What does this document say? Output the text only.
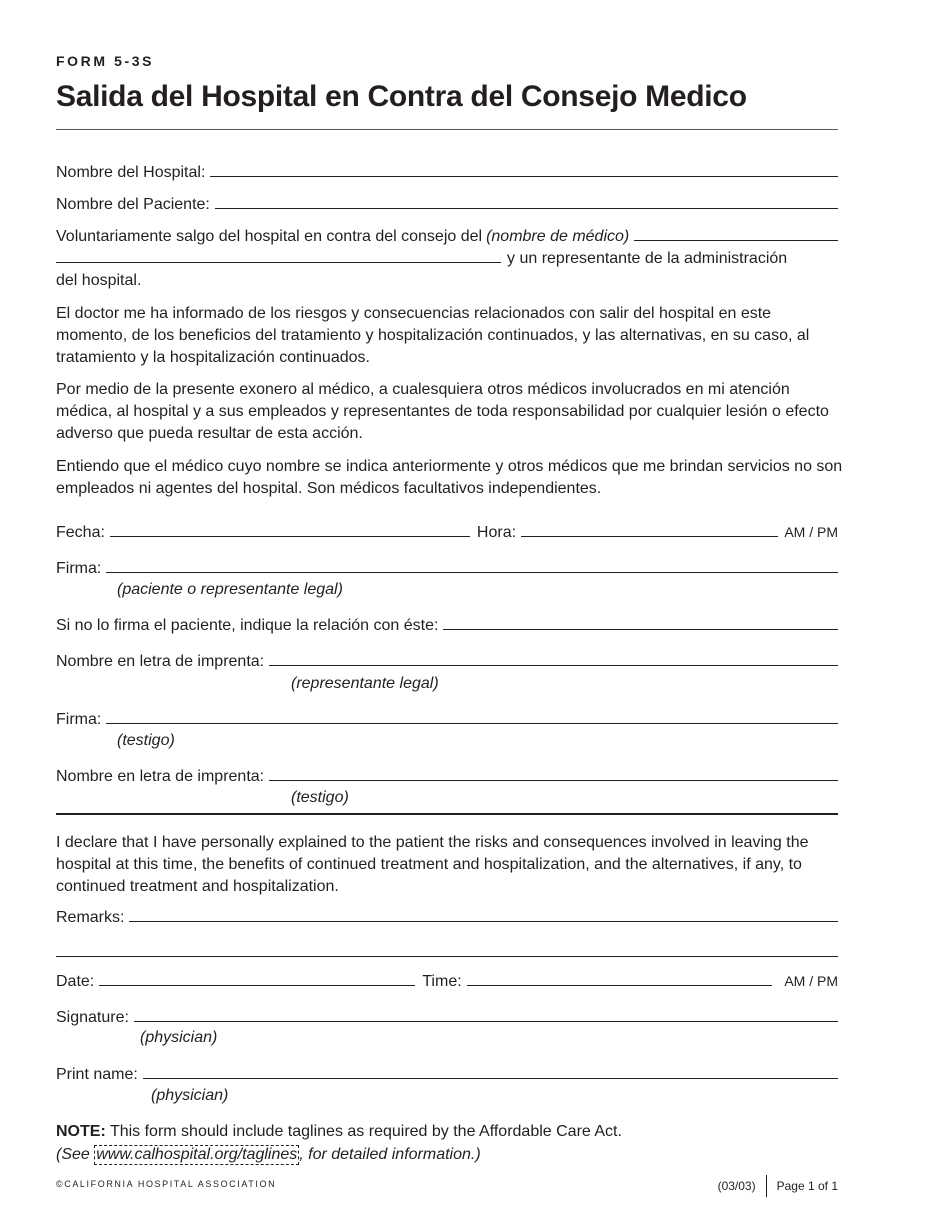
FORM 5-3S
Salida del Hospital en Contra del Consejo Medico
Nombre del Hospital:
Nombre del Paciente:
Voluntariamente salgo del hospital en contra del consejo del (nombre de médico)
y un representante de la administración
del hospital.
El doctor me ha informado de los riesgos y consecuencias relacionados con salir del hospital en este momento, de los beneficios del tratamiento y hospitalización continuados, y las alternativas, en su caso, al tratamiento y la hospitalización continuados.
Por medio de la presente exonero al médico, a cualesquiera otros médicos involucrados en mi atención médica, al hospital y a sus empleados y representantes de toda responsabilidad por cualquier lesión o efecto adverso que pueda resultar de esta acción.
Entiendo que el médico cuyo nombre se indica anteriormente y otros médicos que me brindan servicios no son empleados ni agentes del hospital. Son médicos facultativos independientes.
Fecha:	Hora:	AM / PM
Firma:
(paciente o representante legal)
Si no lo firma el paciente, indique la relación con éste:
Nombre en letra de imprenta:
(representante legal)
Firma:
(testigo)
Nombre en letra de imprenta:
(testigo)
I declare that I have personally explained to the patient the risks and consequences involved in leaving the hospital at this time, the benefits of continued treatment and hospitalization, and the alternatives, if any, to continued treatment and hospitalization.
Remarks:
Date:	Time:	AM / PM
Signature:
(physician)
Print name:
(physician)
NOTE: This form should include taglines as required by the Affordable Care Act.
(See www.calhospital.org/taglines , for detailed information.)
©CALIFORNIA HOSPITAL ASSOCIATION	(03/03) Page 1 of 1
